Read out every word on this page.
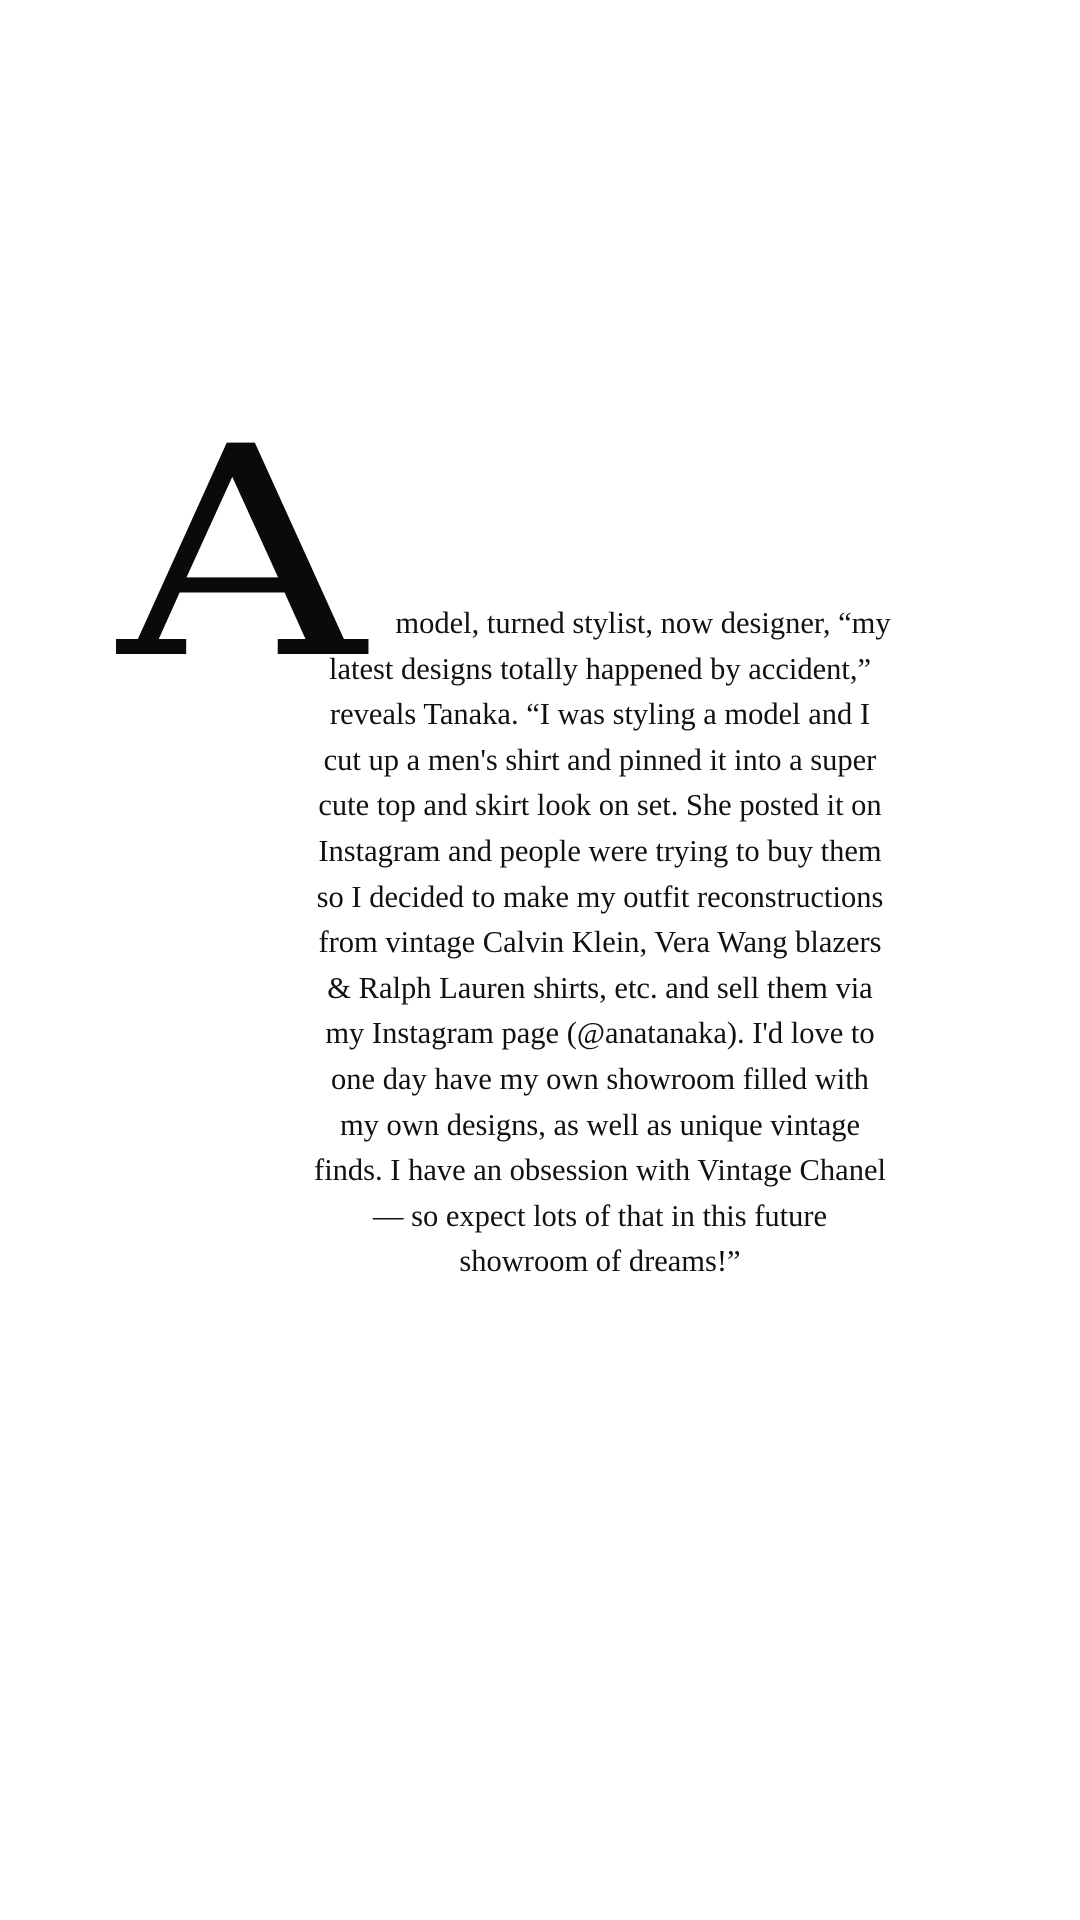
A model, turned stylist, now designer, “my
latest designs totally happened by accident,”
reveals Tanaka. “I was styling a model and I
cut up a men's shirt and pinned it into a super
cute top and skirt look on set. She posted it on
Instagram and people were trying to buy them
so I decided to make my outfit reconstructions
from vintage Calvin Klein, Vera Wang blazers
& Ralph Lauren shirts, etc. and sell them via
my Instagram page (@anatanaka). I'd love to
one day have my own showroom filled with
my own designs, as well as unique vintage
finds. I have an obsession with Vintage Chanel
— so expect lots of that in this future
showroom of dreams!”
